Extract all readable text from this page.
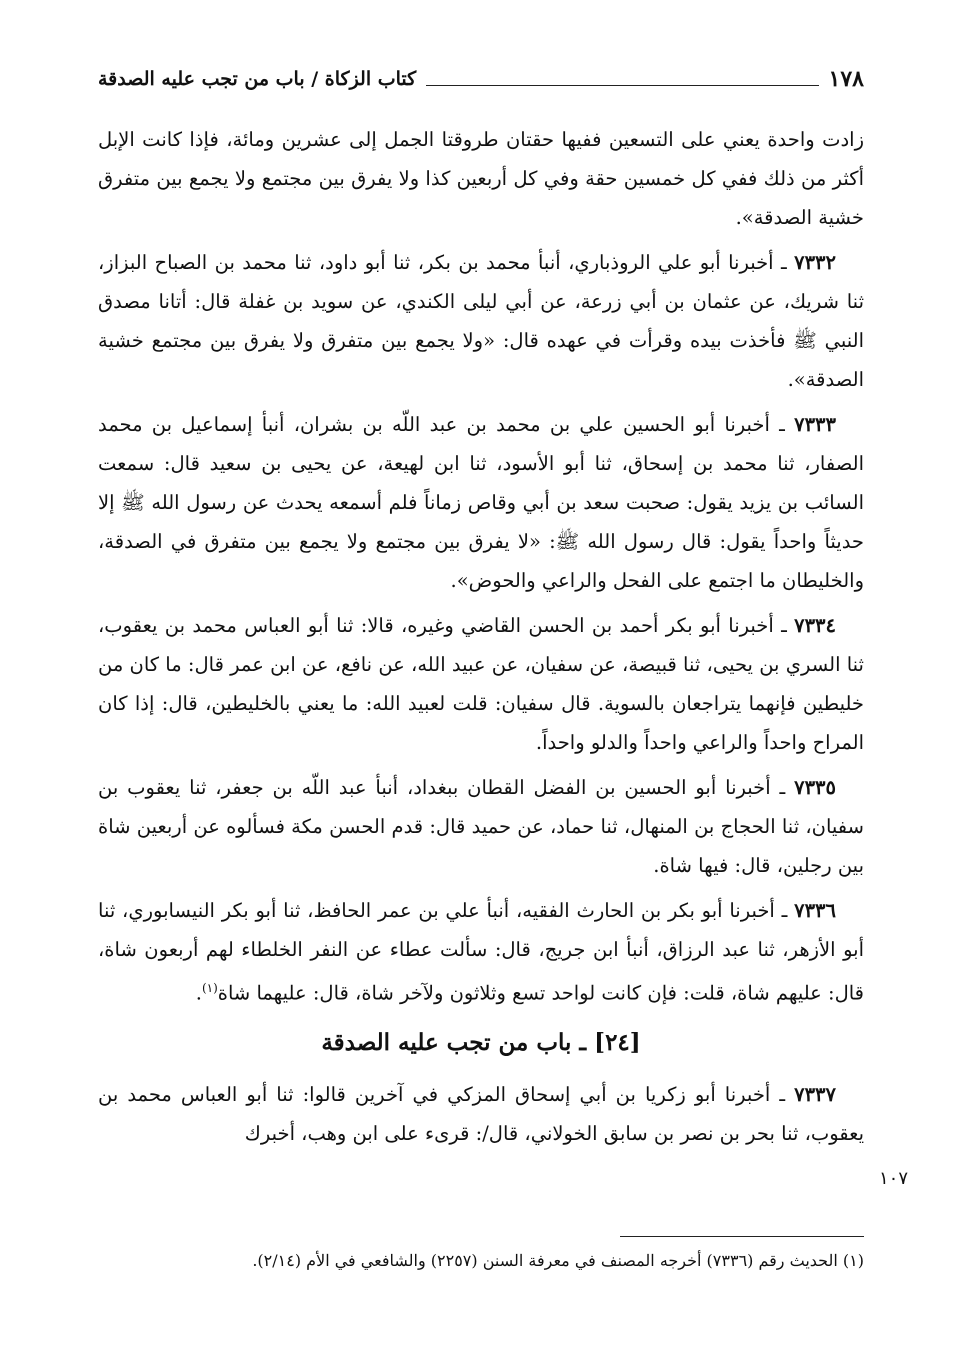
١٧٨
كتاب الزكاة / باب من تجب عليه الصدقة

زادت واحدة يعني على التسعين ففيها حقتان طروقتا الجمل إلى عشرين ومائة، فإذا كانت الإبل أكثر من ذلك ففي كل خمسين حقة وفي كل أربعين كذا ولا يفرق بين مجتمع ولا يجمع بين متفرق خشية الصدقة».

٧٣٣٢ ـ أخبرنا أبو علي الروذباري، أنبأ محمد بن بكر، ثنا أبو داود، ثنا محمد بن الصباح البزاز، ثنا شريك، عن عثمان بن أبي زرعة، عن أبي ليلى الكندي، عن سويد بن غفلة قال: أتانا مصدق النبي ﷺ فأخذت بيده وقرأت في عهده قال: «ولا يجمع بين متفرق ولا يفرق بين مجتمع خشية الصدقة».

٧٣٣٣ ـ أخبرنا أبو الحسين علي بن محمد بن عبد اللّه بن بشران، أنبأ إسماعيل بن محمد الصفار، ثنا محمد بن إسحاق، ثنا أبو الأسود، ثنا ابن لهيعة، عن يحيى بن سعيد قال: سمعت السائب بن يزيد يقول: صحبت سعد بن أبي وقاص زماناً فلم أسمعه يحدث عن رسول الله ﷺ إلا حديثاً واحداً يقول: قال رسول الله ﷺ: «لا يفرق بين مجتمع ولا يجمع بين متفرق في الصدقة، والخليطان ما اجتمع على الفحل والراعي والحوض».

٧٣٣٤ ـ أخبرنا أبو بكر أحمد بن الحسن القاضي وغيره، قالا: ثنا أبو العباس محمد بن يعقوب، ثنا السري بن يحيى، ثنا قبيصة، عن سفيان، عن عبيد الله، عن نافع، عن ابن عمر قال: ما كان من خليطين فإنهما يتراجعان بالسوية. قال سفيان: قلت لعبيد الله: ما يعني بالخليطين، قال: إذا كان المراح واحداً والراعي واحداً والدلو واحداً.

٧٣٣٥ ـ أخبرنا أبو الحسين بن الفضل القطان ببغداد، أنبأ عبد اللّه بن جعفر، ثنا يعقوب بن سفيان، ثنا الحجاج بن المنهال، ثنا حماد، عن حميد قال: قدم الحسن مكة فسألوه عن أربعين شاة بين رجلين، قال: فيها شاة.

٧٣٣٦ ـ أخبرنا أبو بكر بن الحارث الفقيه، أنبأ علي بن عمر الحافظ، ثنا أبو بكر النيسابوري، ثنا أبو الأزهر، ثنا عبد الرزاق، أنبأ ابن جريج، قال: سألت عطاء عن النفر الخلطاء لهم أربعون شاة، قال: عليهم شاة، قلت: فإن كانت لواحد تسع وثلاثون ولآخر شاة، قال: عليهما شاة$^{(١)}$.

[٢٤] ـ باب من تجب عليه الصدقة

٧٣٣٧ ـ أخبرنا أبو زكريا بن أبي إسحاق المزكي في آخرين قالوا: ثنا أبو العباس محمد بن يعقوب، ثنا بحر بن نصر بن سابق الخولاني، قال/: قرىء على ابن وهب، أخبرك

١٠٧
(١) الحديث رقم (٧٣٣٦) أخرجه المصنف في معرفة السنن (٢٢٥٧) والشافعي في الأم (٢/١٤).
